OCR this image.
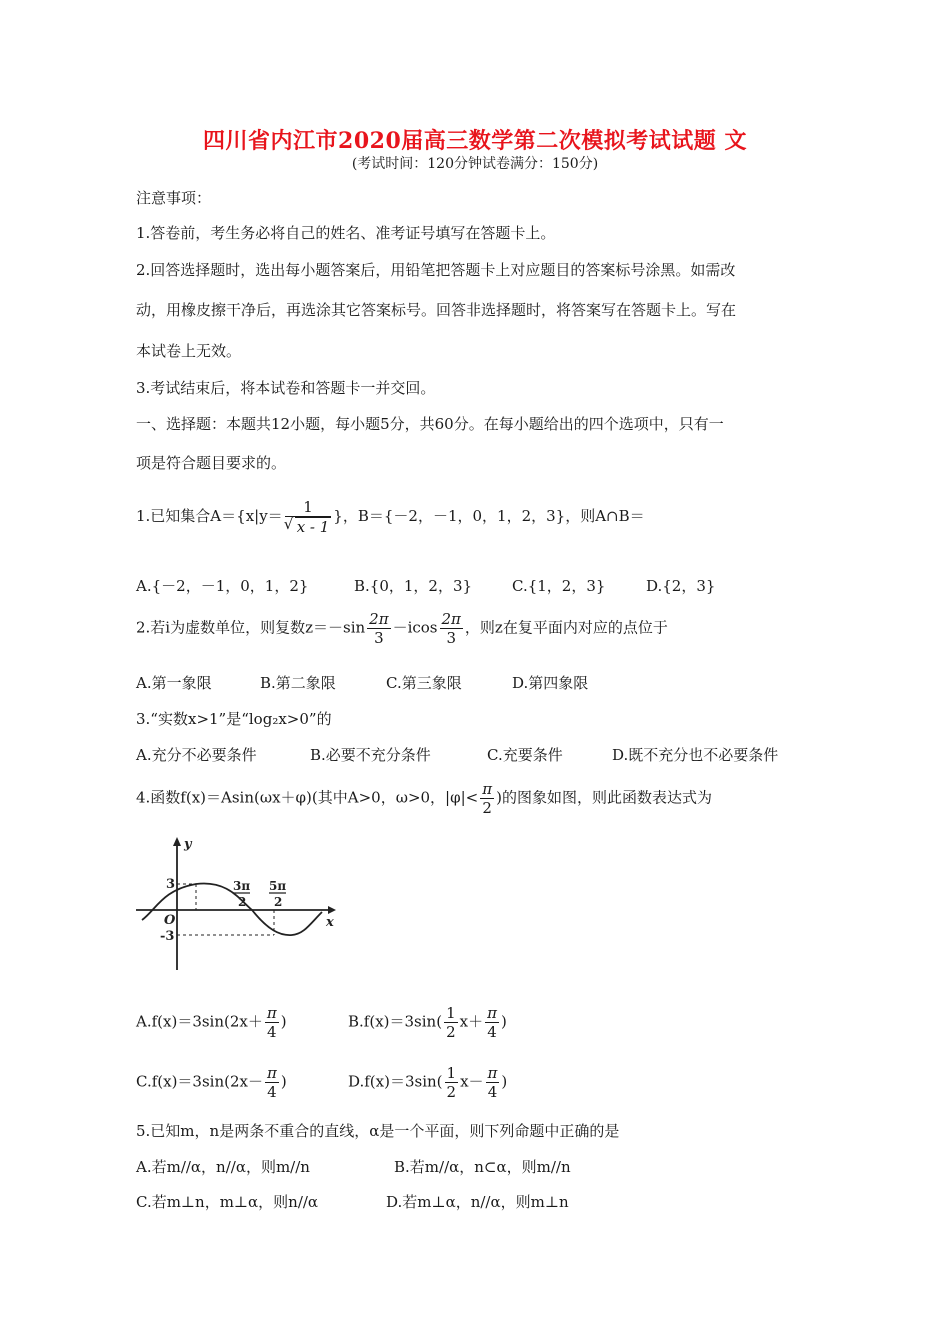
四川省内江市2020届高三数学第二次模拟考试试题 文
(考试时间：120分钟试卷满分：150分)
注意事项：
1.答卷前，考生务必将自己的姓名、准考证号填写在答题卡上。
2.回答选择题时，选出每小题答案后，用铅笔把答题卡上对应题目的答案标号涂黑。如需改
动，用橡皮擦干净后，再选涂其它答案标号。回答非选择题时，将答案写在答题卡上。写在
本试卷上无效。
3.考试结束后，将本试卷和答题卡一并交回。
一、选择题：本题共12小题，每小题5分，共60分。在每小题给出的四个选项中，只有一
项是符合题目要求的。
1.已知集合A＝{x|y＝ 1
√ x - 1 }，B＝{－2，－1，0，1，2，3}，则A∩B＝
A.{－2，－1，0，1，2}	B.{0，1，2，3}	C.{1，2，3}	D.{2，3}
2.若i为虚数单位，则复数$z=-\sin \frac{2\pi}{3} -icos \frac{2\pi}{3}$ ，则z在复平面内对应的点位于
A.第一象限	B.第二象限	C.第三象限	D.第四象限
3.“实数x>1”是“log₂x>0”的
A.充分不必要条件	B.必要不充分条件	C.充要条件	D.既不充分也不必要条件
4.函数f(x)＝Asin(ωx＋φ)(其中A>0，ω>0，$|\varphi|< \frac{\pi}{2}$ )的图象如图，则此函数表达式为
y
x
O
3
-3
3π
2
5π
2
$A.f(x)=3\sin(2x+ \frac{\pi}{4}$ )	$B.f(x)=3\sin( \frac{1}{2} x+ \frac{\pi}{4}$ )
$C.f(x)=3\sin(2x- \frac{\pi}{4}$ )	$D.f(x)=3\sin( \frac{1}{2} x- \frac{\pi}{4}$ )
5.已知m，n是两条不重合的直线，α是一个平面，则下列命题中正确的是
A.若m//α，n//α，则m//n	B.若m//α，n⊂α，则m//n
C.若m⊥n，m⊥α，则n//α	D.若m⊥α，n//α，则m⊥n
